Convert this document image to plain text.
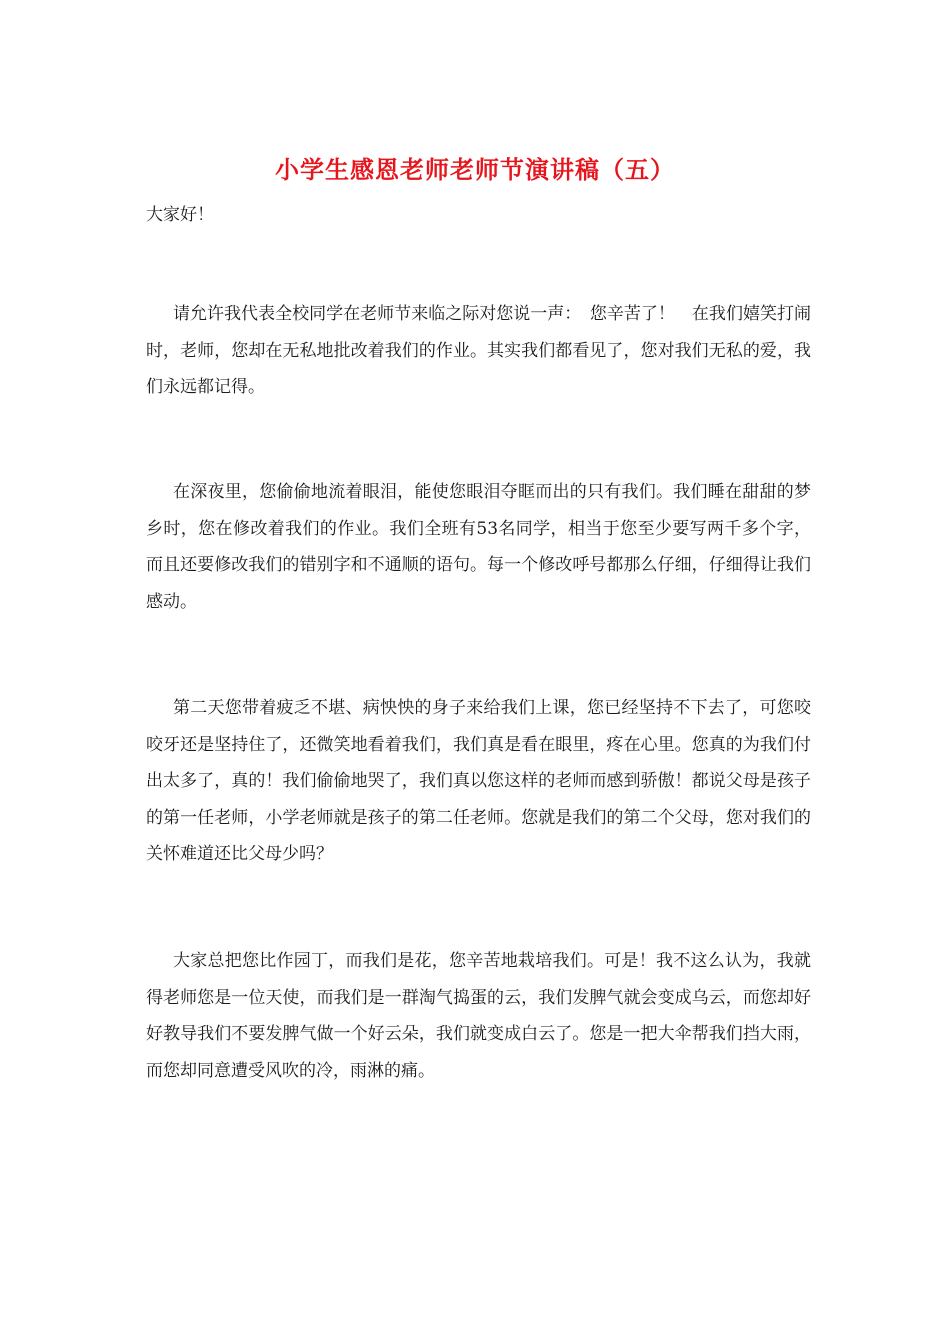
小学生感恩老师老师节演讲稿（五）
大家好！
请允许我代表全校同学在老师节来临之际对您说一声：　您辛苦了！　在我们嬉笑打闹时，老师，您却在无私地批改着我们的作业。其实我们都看见了，您对我们无私的爱，我们永远都记得。
在深夜里，您偷偷地流着眼泪，能使您眼泪夺眶而出的只有我们。我们睡在甜甜的梦乡时，您在修改着我们的作业。我们全班有53名同学，相当于您至少要写两千多个字，而且还要修改我们的错别字和不通顺的语句。每一个修改呼号都那么仔细，仔细得让我们感动。
第二天您带着疲乏不堪、病怏怏的身子来给我们上课，您已经坚持不下去了，可您咬咬牙还是坚持住了，还微笑地看着我们，我们真是看在眼里，疼在心里。您真的为我们付出太多了，真的！我们偷偷地哭了，我们真以您这样的老师而感到骄傲！都说父母是孩子的第一任老师，小学老师就是孩子的第二任老师。您就是我们的第二个父母，您对我们的关怀难道还比父母少吗？
大家总把您比作园丁，而我们是花，您辛苦地栽培我们。可是！我不这么认为，我就得老师您是一位天使，而我们是一群淘气捣蛋的云，我们发脾气就会变成乌云，而您却好好教导我们不要发脾气做一个好云朵，我们就变成白云了。您是一把大伞帮我们挡大雨，而您却同意遭受风吹的冷，雨淋的痛。
